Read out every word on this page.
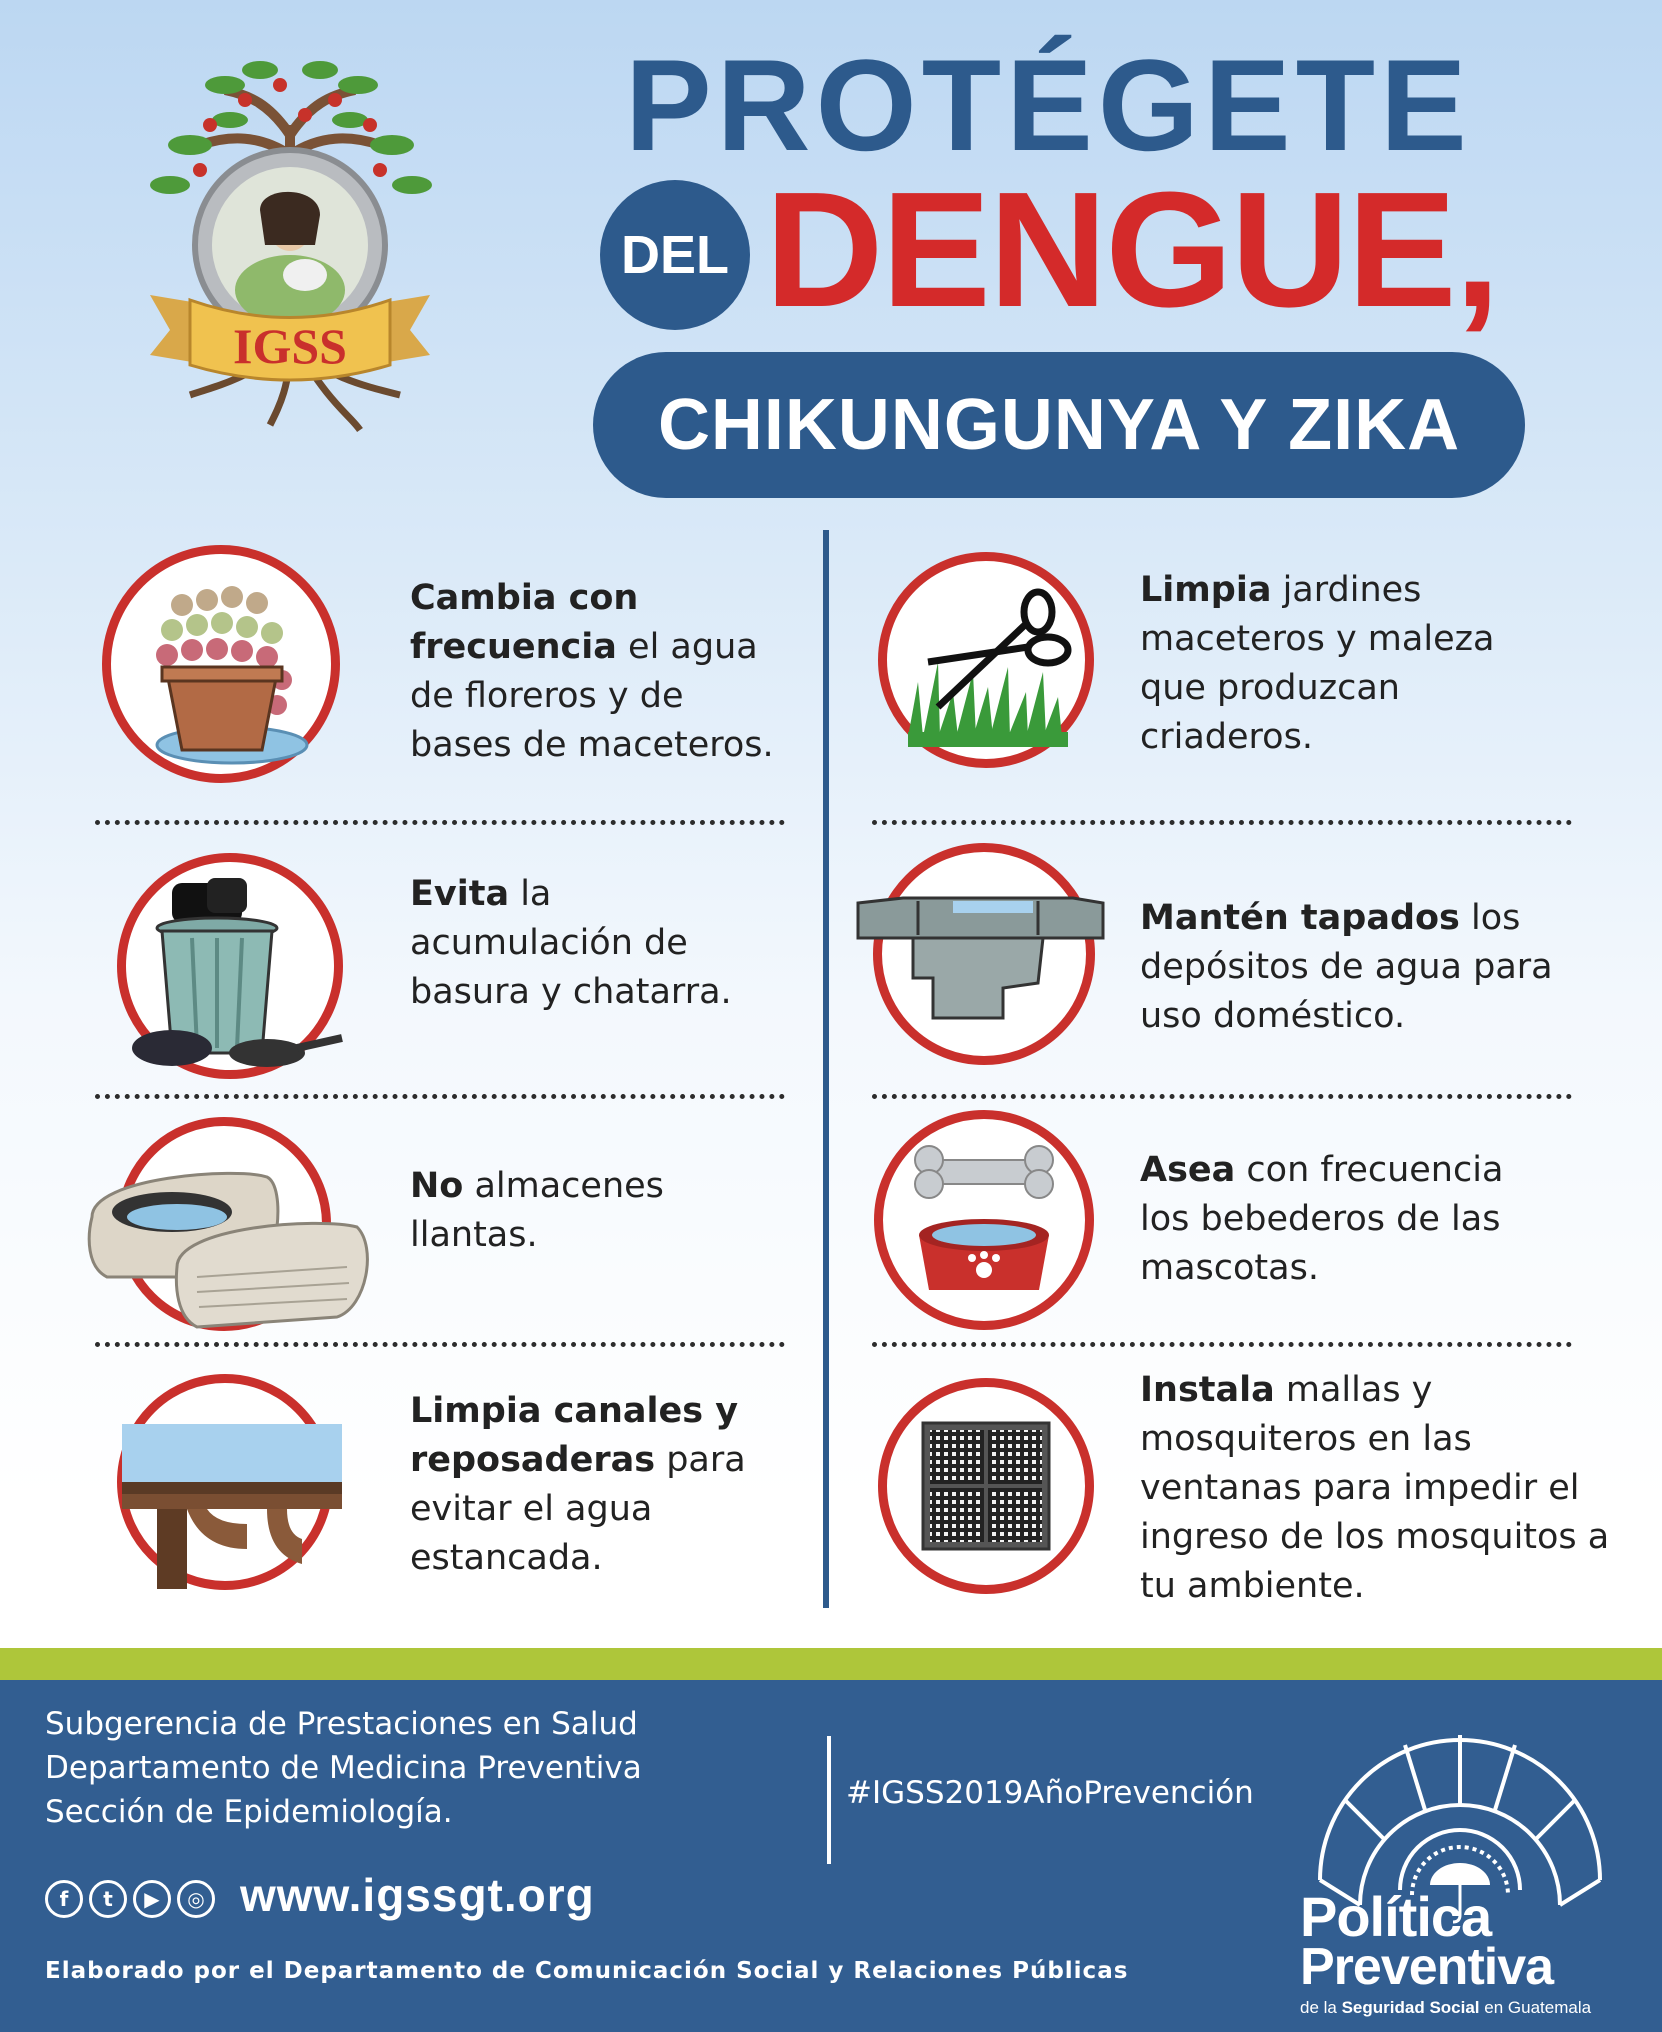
IGSS
PROTÉGETE
DEL DENGUE,
CHIKUNGUNYA Y ZIKA
Cambia con frecuencia el agua de floreros y de bases de maceteros.
Evita la acumulación de basura y chatarra.
No almacenes llantas.
Limpia canales y reposaderas para evitar el agua estancada.
Limpia jardines maceteros y maleza que produzcan criaderos.
Mantén tapados los depósitos de agua para uso doméstico.
Asea con frecuencia los bebederos de las mascotas.
Instala mallas y mosquiteros en las ventanas para impedir el ingreso de los mosquitos a tu ambiente.
Subgerencia de Prestaciones en Salud
Departamento de Medicina Preventiva
Sección de Epidemiología.
#IGSS2019AñoPrevención
f	t	▶	◎ www.igssgt.org
Elaborado por el Departamento de Comunicación Social y Relaciones Públicas
Política
Preventiva
de la Seguridad Social en Guatemala
